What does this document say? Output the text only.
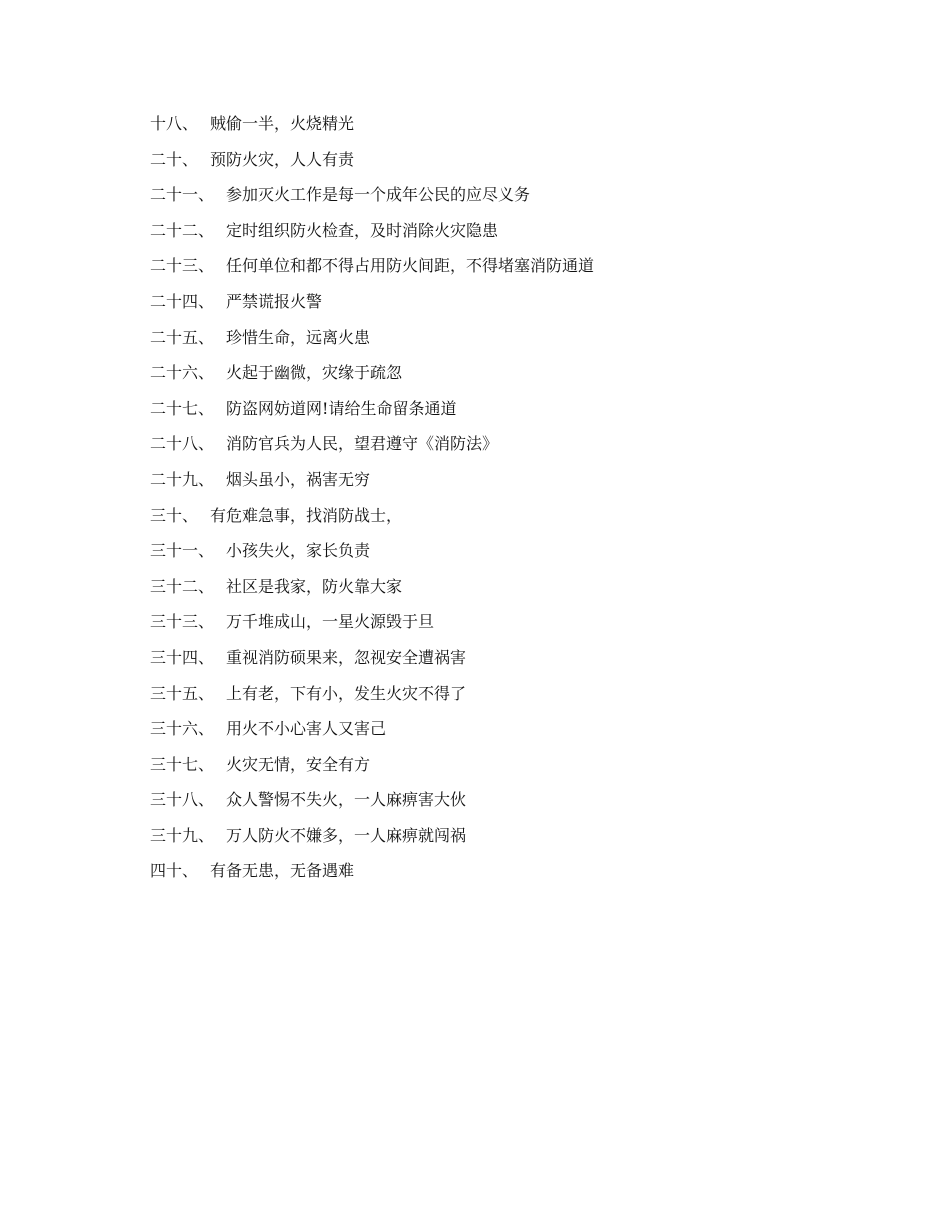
十八、 贼偷一半，火烧精光
二十、 预防火灾，人人有责
二十一、 参加灭火工作是每一个成年公民的应尽义务
二十二、 定时组织防火检查，及时消除火灾隐患
二十三、 任何单位和都不得占用防火间距，不得堵塞消防通道
二十四、 严禁谎报火警
二十五、 珍惜生命，远离火患
二十六、 火起于幽微，灾缘于疏忽
二十七、 防盗网妨道网!请给生命留条通道
二十八、 消防官兵为人民，望君遵守《消防法》
二十九、 烟头虽小，祸害无穷
三十、 有危难急事，找消防战士，
三十一、 小孩失火，家长负责
三十二、 社区是我家，防火靠大家
三十三、 万千堆成山，一星火源毁于旦
三十四、 重视消防硕果来，忽视安全遭祸害
三十五、 上有老，下有小，发生火灾不得了
三十六、 用火不小心害人又害己
三十七、 火灾无情，安全有方
三十八、 众人警惕不失火，一人麻痹害大伙
三十九、 万人防火不嫌多，一人麻痹就闯祸
四十、 有备无患，无备遇难
